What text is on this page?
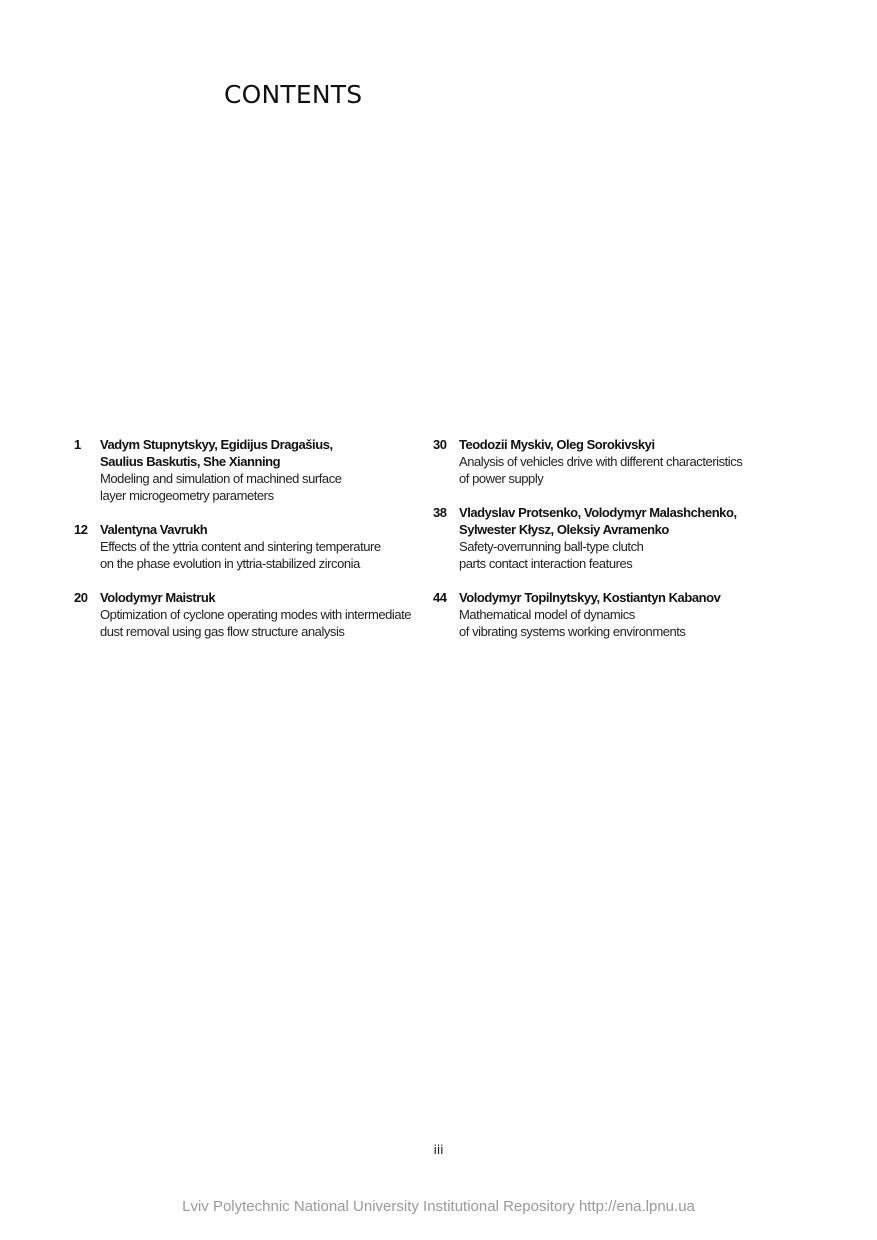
CONTENTS
1	Vadym Stupnytskyy, Egidijus Dragašius,
Saulius Baskutis, She Xianning
Modeling and simulation of machined surface
layer microgeometry parameters
12 Valentyna Vavrukh
Effects of the yttria content and sintering temperature
on the phase evolution in yttria-stabilized zirconia
20 Volodymyr Maistruk
Optimization of cyclone operating modes with intermediate
dust removal using gas flow structure analysis
30 Teodozii Myskiv, Oleg Sorokivskyi
Analysis of vehicles drive with different characteristics
of power supply
38 Vladyslav Protsenko, Volodymyr Malashchenko,
Sylwester Kłysz, Oleksiy Avramenko
Safety-overrunning ball-type clutch
parts contact interaction features
44 Volodymyr Topilnytskyy, Kostiantyn Kabanov
Mathematical model of dynamics
of vibrating systems working environments
iii
Lviv Polytechnic National University Institutional Repository http://ena.lpnu.ua
